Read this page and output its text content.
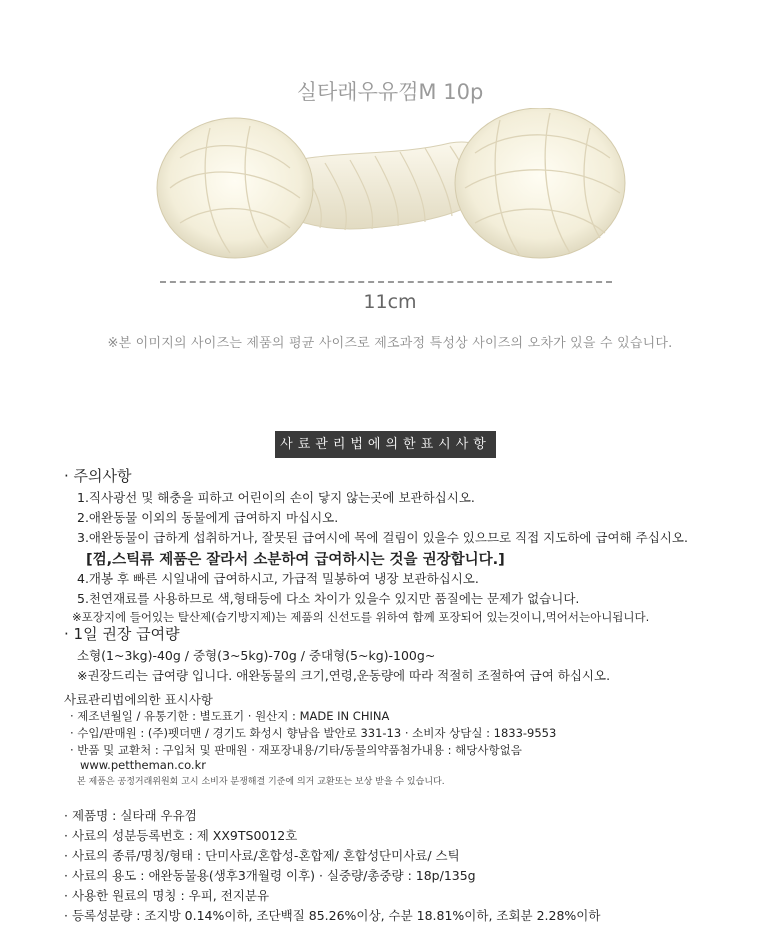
실타래우유껌M 10p
11cm
※본 이미지의 사이즈는 제품의 평균 사이즈로 제조과정 특성상 사이즈의 오차가 있을 수 있습니다.
사료관리법에의한표시사항
· 주의사항
1.직사광선 및 해충을 피하고 어린이의 손이 닿지 않는곳에 보관하십시오.
2.애완동물 이외의 동물에게 급여하지 마십시오.
3.애완동물이 급하게 섭취하거나, 잘못된 급여시에 목에 걸림이 있을수 있으므로 직접 지도하에 급여해 주십시오.
[껌,스틱류 제품은 잘라서 소분하여 급여하시는 것을 권장합니다.]
4.개봉 후 빠른 시일내에 급여하시고, 가급적 밀봉하여 냉장 보관하십시오.
5.천연재료를 사용하므로 색,형태등에 다소 차이가 있을수 있지만 품질에는 문제가 없습니다.
※포장지에 들어있는 탈산제(습기방지제)는 제품의 신선도를 위하여 함께 포장되어 있는것이니,먹어서는아니됩니다.
· 1일 권장 급여량
소형(1~3kg)-40g / 중형(3~5kg)-70g / 중대형(5~kg)-100g~
※권장드리는 급여량 입니다. 애완동물의 크기,연령,운동량에 따라 적절히 조절하여 급여 하십시오.
사료관리법에의한 표시사항
· 제조년월일 / 유통기한 : 별도표기 · 원산지 : MADE IN CHINA
· 수입/판매원 : (주)펫더맨 / 경기도 화성시 향남읍 발안로 331-13 · 소비자 상담실 : 1833-9553
· 반품 및 교환처 : 구입처 및 판매원 · 재포장내용/기타/동물의약품첨가내용 : 해당사항없음
www.pettheman.co.kr
본 제품은 공정거래위원회 고시 소비자 분쟁해결 기준에 의거 교환또는 보상 받을 수 있습니다.
· 제품명 : 실타래 우유껌
· 사료의 성분등록번호 : 제 XX9TS0012호
· 사료의 종류/명칭/형태 : 단미사료/혼합성-혼합제/ 혼합성단미사료/ 스틱
· 사료의 용도 : 애완동물용(생후3개월령 이후) · 실중량/총중량 : 18p/135g
· 사용한 원료의 명칭 : 우피, 전지분유
· 등록성분량 : 조지방 0.14%이하, 조단백질 85.26%이상, 수분 18.81%이하, 조회분 2.28%이하
